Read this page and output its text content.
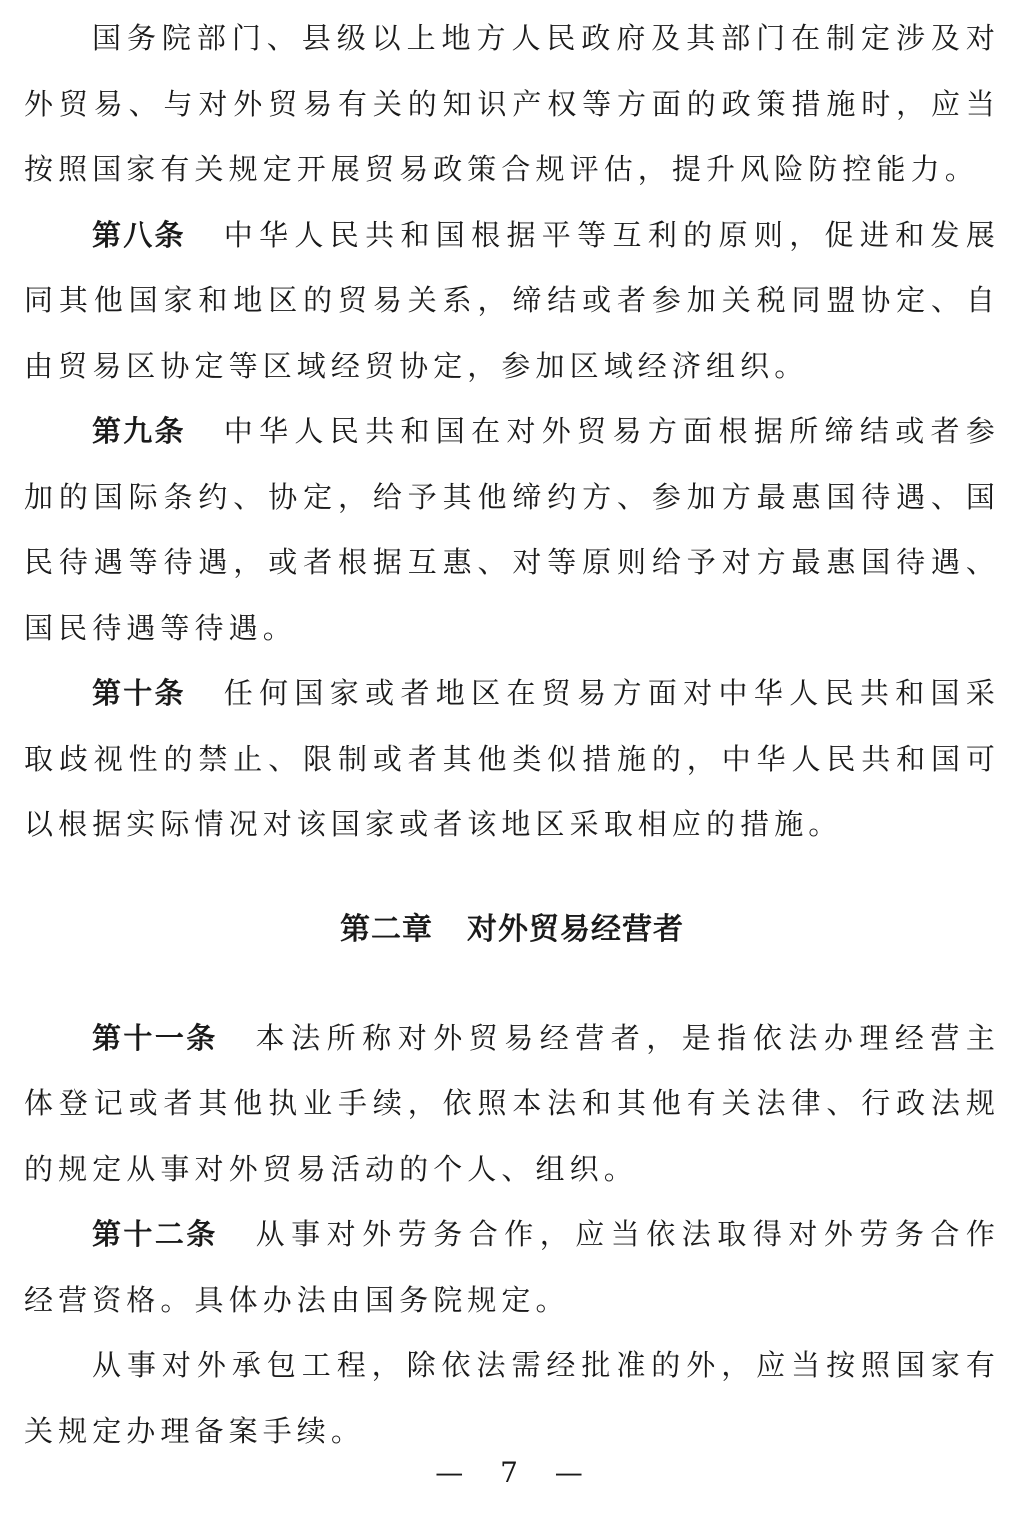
国务院部门、县级以上地方人民政府及其部门在制定涉及对外贸易、与对外贸易有关的知识产权等方面的政策措施时，应当按照国家有关规定开展贸易政策合规评估，提升风险防控能力。

第八条 中华人民共和国根据平等互利的原则，促进和发展同其他国家和地区的贸易关系，缔结或者参加关税同盟协定、自由贸易区协定等区域经贸协定，参加区域经济组织。

第九条 中华人民共和国在对外贸易方面根据所缔结或者参加的国际条约、协定，给予其他缔约方、参加方最惠国待遇、国民待遇等待遇，或者根据互惠、对等原则给予对方最惠国待遇、国民待遇等待遇。

第十条 任何国家或者地区在贸易方面对中华人民共和国采取歧视性的禁止、限制或者其他类似措施的，中华人民共和国可以根据实际情况对该国家或者该地区采取相应的措施。

第二章 对外贸易经营者

第十一条 本法所称对外贸易经营者，是指依法办理经营主体登记或者其他执业手续，依照本法和其他有关法律、行政法规的规定从事对外贸易活动的个人、组织。

第十二条 从事对外劳务合作，应当依法取得对外劳务合作经营资格。具体办法由国务院规定。

从事对外承包工程，除依法需经批准的外，应当按照国家有关规定办理备案手续。

— 7 —
